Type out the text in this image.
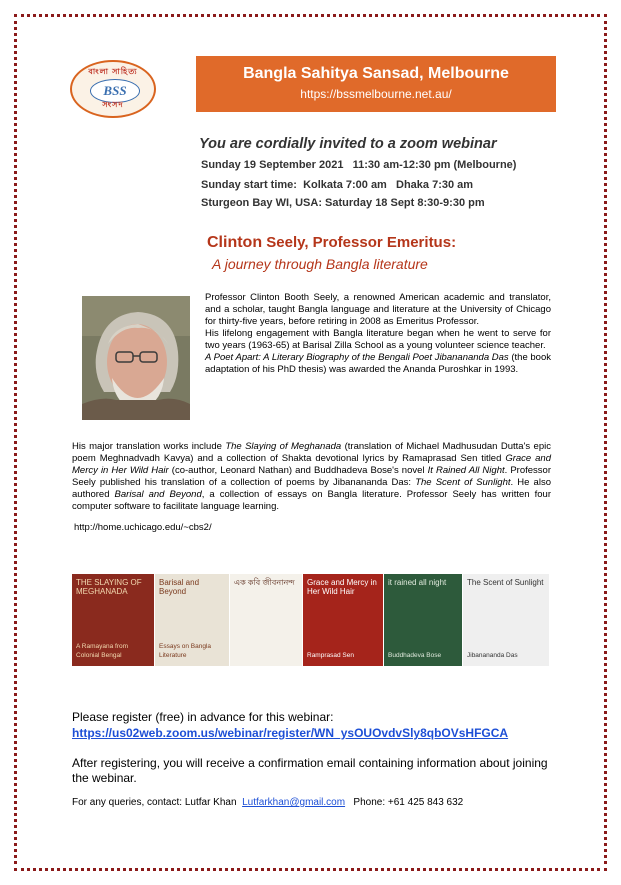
বাংলা সাহিত্য
BSS
সংসদ
Bangla Sahitya Sansad, Melbourne
https://bssmelbourne.net.au/
You are cordially invited to a zoom webinar
Sunday 19 September 2021   11:30 am-12:30 pm (Melbourne)
Sunday start time:  Kolkata 7:00 am   Dhaka 7:30 am
Sturgeon Bay WI, USA: Saturday 18 Sept 8:30-9:30 pm
Clinton Seely, Professor Emeritus:
A journey through Bangla literature

Professor Clinton Booth Seely, a renowned American academic and translator, and a scholar, taught Bangla language and literature at the University of Chicago for thirty-five years, before retiring in 2008 as Emeritus Professor.

His lifelong engagement with Bangla literature began when he went to serve for two years (1963-65) at Barisal Zilla School as a young volunteer science teacher.

A Poet Apart: A Literary Biography of the Bengali Poet Jibanananda Das (the book adaptation of his PhD thesis) was awarded the Ananda Puroshkar in 1993.

His major translation works include The Slaying of Meghanada (translation of Michael Madhusudan Dutta's epic poem Meghnadvadh Kavya) and a collection of Shakta devotional lyrics by Ramaprasad Sen titled Grace and Mercy in Her Wild Hair (co-author, Leonard Nathan) and Buddhadeva Bose's novel It Rained All Night. Professor Seely published his translation of a collection of poems by Jibanananda Das: The Scent of Sunlight. He also authored Barisal and Beyond, a collection of essays on Bangla literature. Professor Seely has written four computer software to facilitate language learning.
http://home.uchicago.edu/~cbs2/
THE SLAYING OF MEGHANADA
A Ramayana from Colonial Bengal
Barisal and Beyond
Essays on Bangla Literature
এক কবি জীবনানন্দ	Grace and Mercy in Her Wild Hair
Ramprasad Sen
it rained all night
Buddhadeva Bose
The Scent of Sunlight
Jibanananda Das
Please register (free) in advance for this webinar:
https://us02web.zoom.us/webinar/register/WN_ysOUOvdvSly8qbOVsHFGCA
After registering, you will receive a confirmation email containing information about joining the webinar.
For any queries, contact: Lutfar Khan  Lutfarkhan@gmail.com   Phone: +61 425 843 632
